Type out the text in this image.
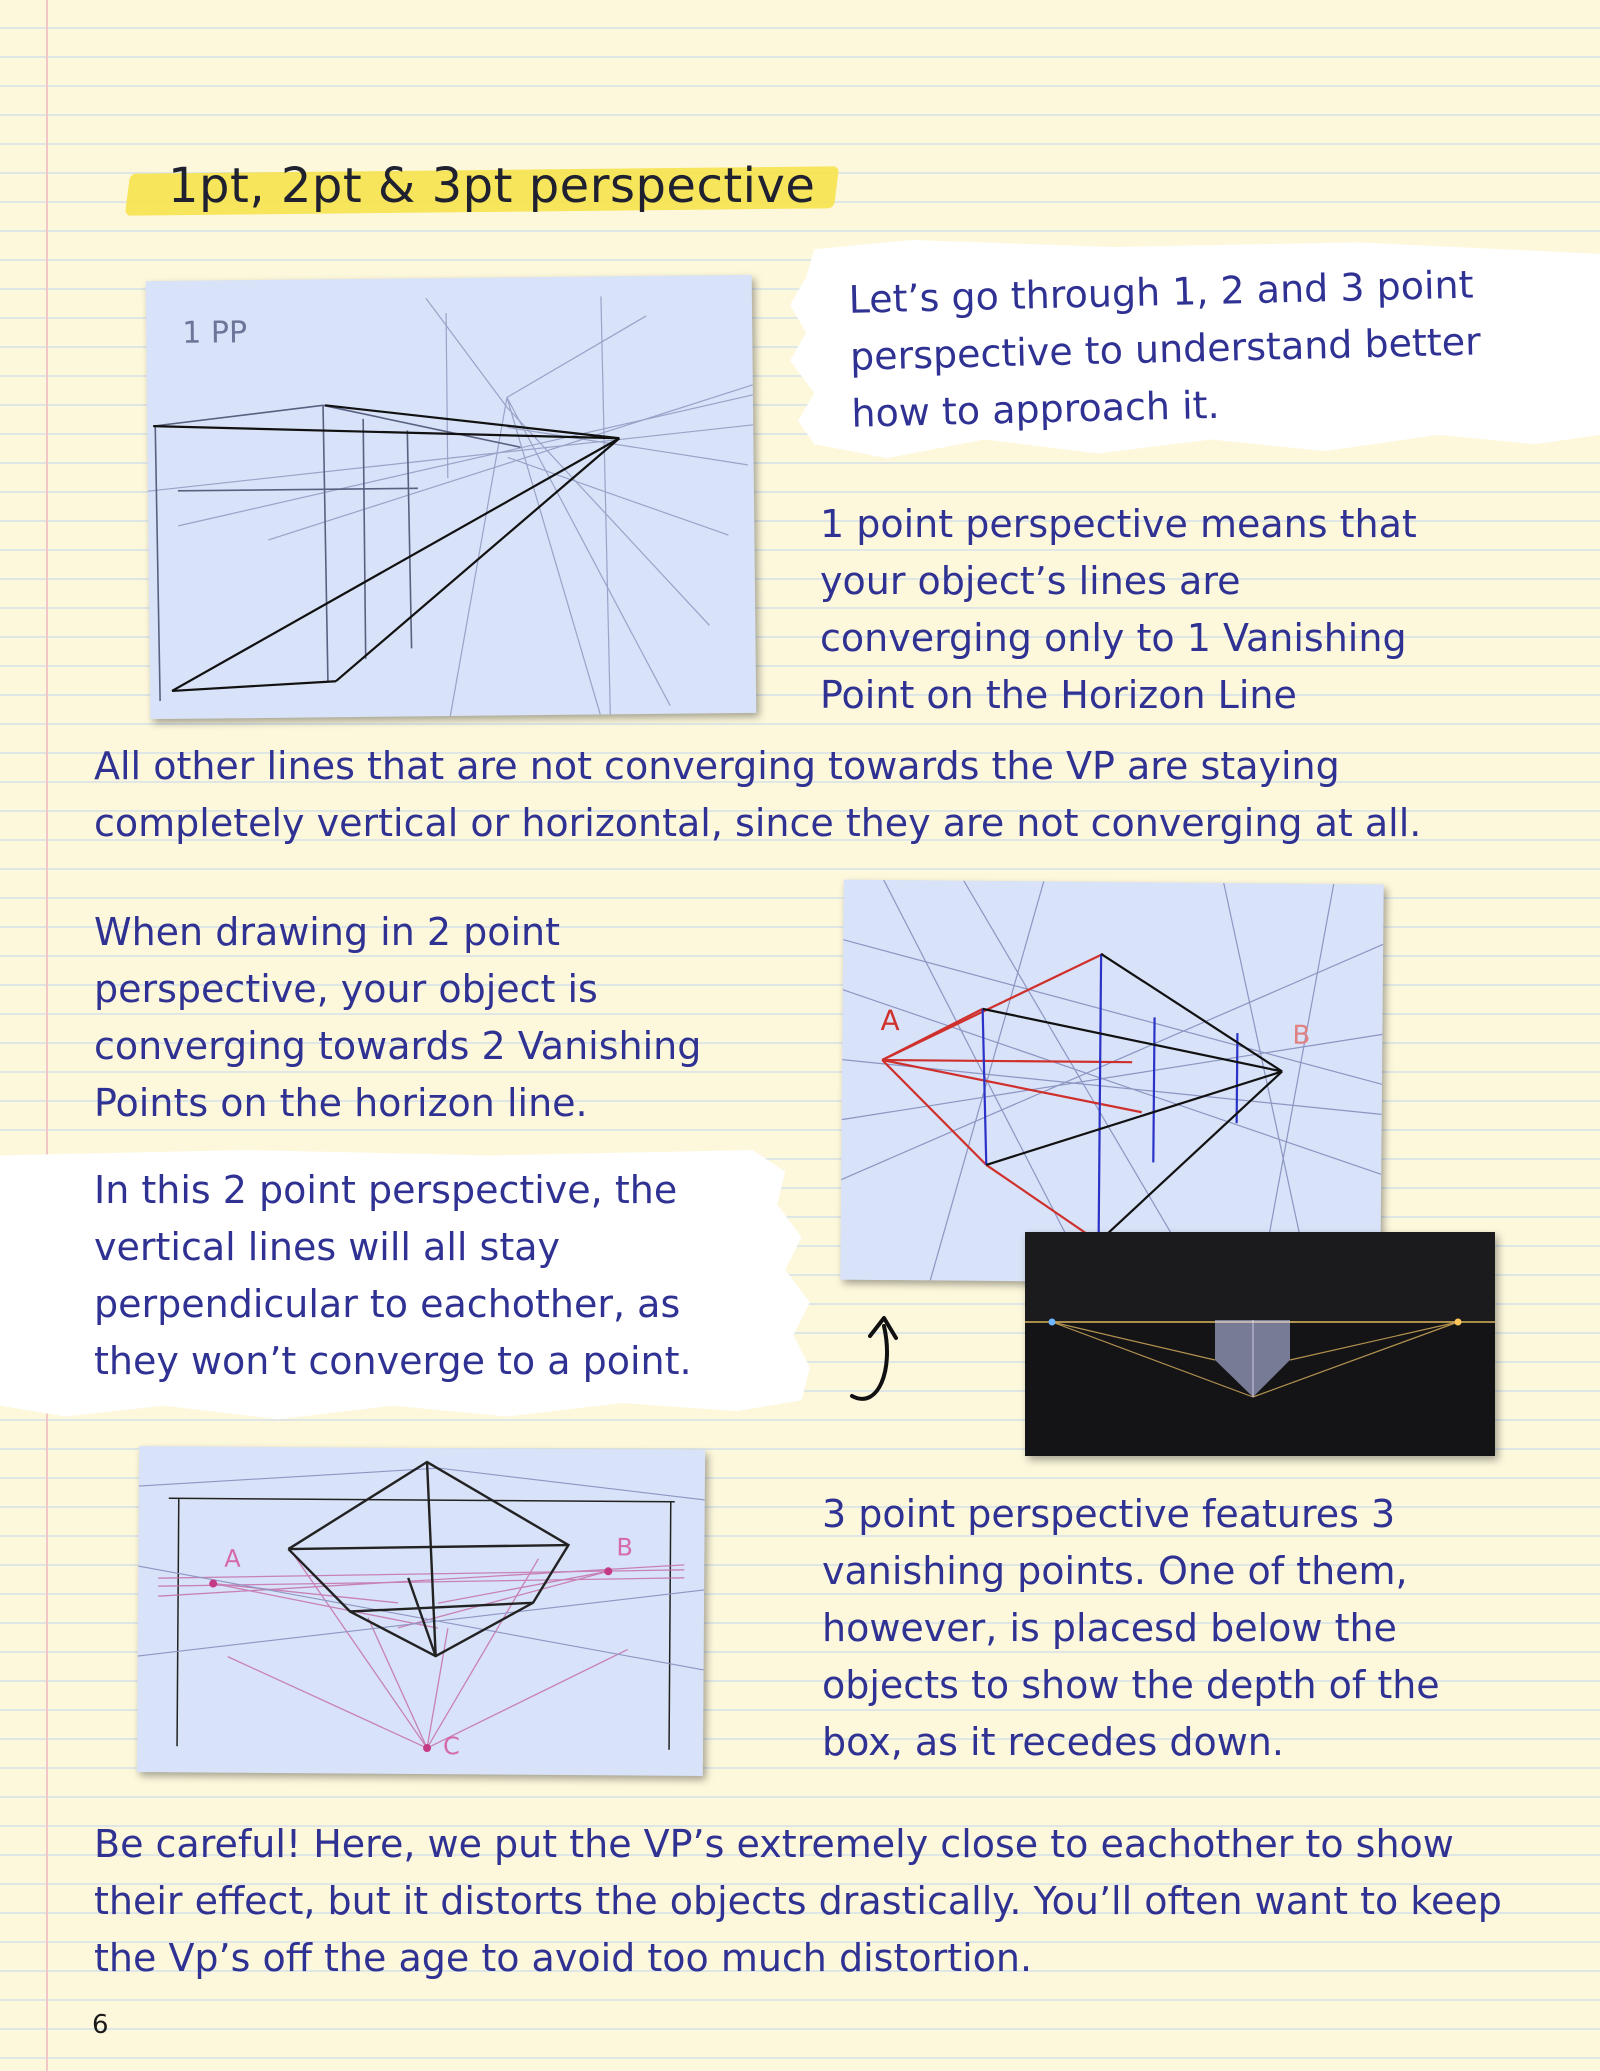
1pt, 2pt & 3pt perspective
1 PP

Let’s go through 1, 2 and 3 point perspective to understand better how to approach it.

1 point perspective means that your object’s lines are converging only to 1 Vanishing Point on the Horizon Line

All other lines that are not converging towards the VP are staying completely vertical or horizontal, since they are not converging at all.

When drawing in 2 point perspective, your object is converging towards 2 Vanishing Points on the horizon line.

A	B

In this 2 point perspective, the vertical lines will all stay perpendicular to eachother, as they won’t converge to a point.

A	B
C

3 point perspective features 3 vanishing points. One of them, however, is placesd below the objects to show the depth of the box, as it recedes down.

Be careful! Here, we put the VP’s extremely close to eachother to show their effect, but it distorts the objects drastically. You’ll often want to keep the Vp’s off the age to avoid too much distortion.

6
